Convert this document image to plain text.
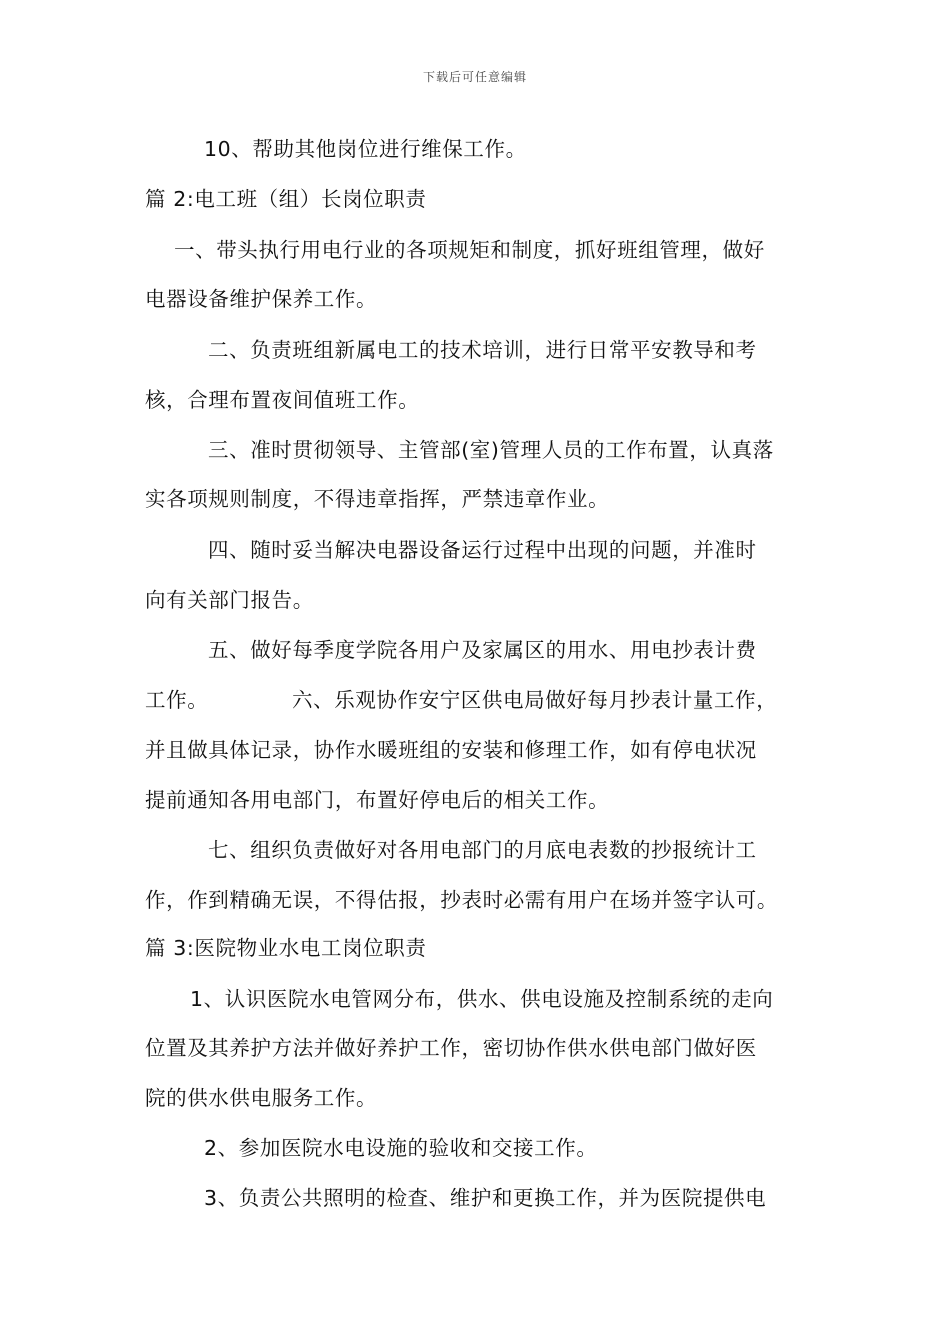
下载后可任意编辑
10、帮助其他岗位进行维保工作。
篇 2:电工班（组）长岗位职责
一、带头执行用电行业的各项规矩和制度，抓好班组管理，做好
电器设备维护保养工作。
二、负责班组新属电工的技术培训，进行日常平安教导和考
核，合理布置夜间值班工作。
三、准时贯彻领导、主管部(室)管理人员的工作布置，认真落
实各项规则制度，不得违章指挥，严禁违章作业。
四、随时妥当解决电器设备运行过程中出现的问题，并准时
向有关部门报告。
五、做好每季度学院各用户及家属区的用水、用电抄表计费
工作。	六、乐观协作安宁区供电局做好每月抄表计量工作，
并且做具体记录，协作水暖班组的安装和修理工作，如有停电状况
提前通知各用电部门，布置好停电后的相关工作。
七、组织负责做好对各用电部门的月底电表数的抄报统计工
作，作到精确无误，不得估报，抄表时必需有用户在场并签字认可。
篇 3:医院物业水电工岗位职责
1、认识医院水电管网分布，供水、供电设施及控制系统的走向
位置及其养护方法并做好养护工作，密切协作供水供电部门做好医
院的供水供电服务工作。
2、参加医院水电设施的验收和交接工作。
3、负责公共照明的检查、维护和更换工作，并为医院提供电
